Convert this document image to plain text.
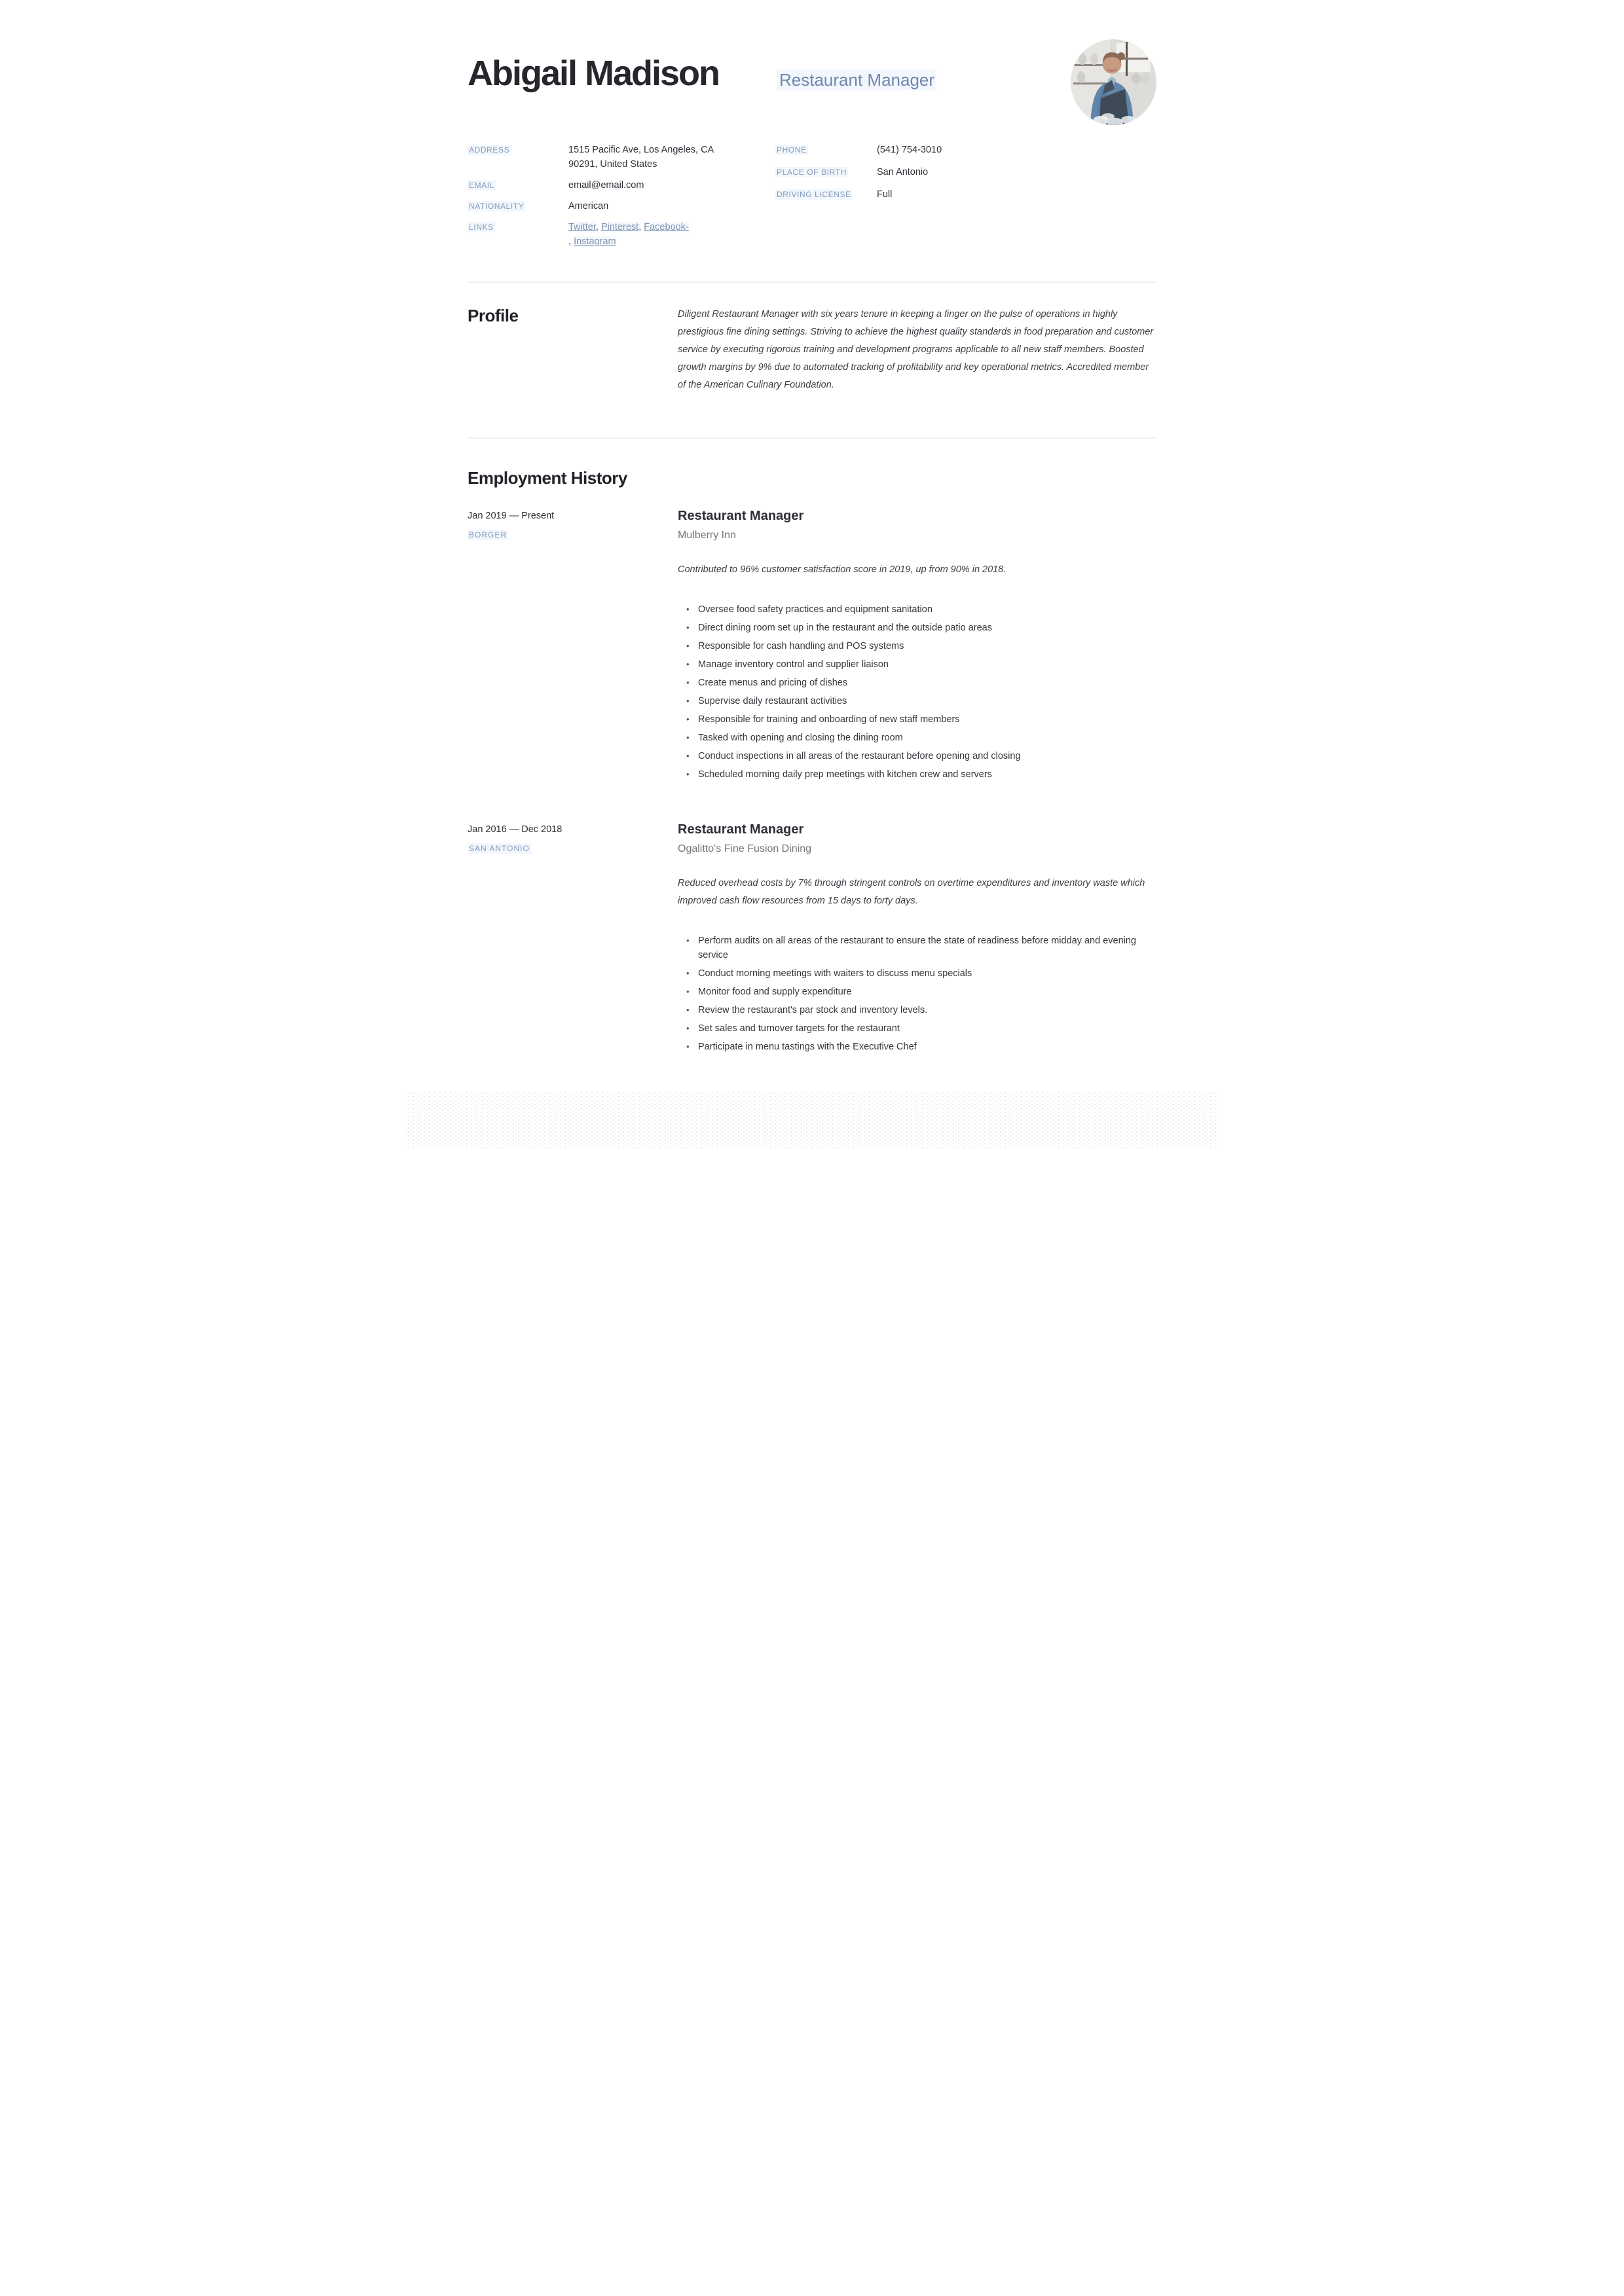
Abigail Madison	Restaurant Manager
ADDRESS	1515 Pacific Ave, Los Angeles, CA
90291, United States
EMAIL	email@email.com
NATIONALITY	American
LINKS	Twitter, Pinterest, Facebook-
, Instagram
PHONE	(541) 754-3010
PLACE OF BIRTH	San Antonio
DRIVING LICENSE	Full
Profile	Diligent Restaurant Manager with six years tenure in keeping a finger on the pulse of operations in highly prestigious fine dining settings. Striving to achieve the highest quality standards in food preparation and customer service by executing rigorous training and development programs applicable to all new staff members. Boosted growth margins by 9% due to automated tracking of profitability and key operational metrics. Accredited member of the American Culinary Foundation.

Employment History
Jan 2019 — Present
BORGER
Restaurant Manager
Mulberry Inn
Contributed to 96% customer satisfaction score in 2019, up from 90% in 2018.
• Oversee food safety practices and equipment sanitation
• Direct dining room set up in the restaurant and the outside patio areas
• Responsible for cash handling and POS systems
• Manage inventory control and supplier liaison
• Create menus and pricing of dishes
• Supervise daily restaurant activities
• Responsible for training and onboarding of new staff members
• Tasked with opening and closing the dining room
• Conduct inspections in all areas of the restaurant before opening and closing
• Scheduled morning daily prep meetings with kitchen crew and servers
Jan 2016 — Dec 2018
SAN ANTONIO
Restaurant Manager
Ogalitto's Fine Fusion Dining
Reduced overhead costs by 7% through stringent controls on overtime expenditures and inventory waste which improved cash flow resources from 15 days to forty days.
• Perform audits on all areas of the restaurant to ensure the state of readiness before midday and evening service
• Conduct morning meetings with waiters to discuss menu specials
• Monitor food and supply expenditure
• Review the restaurant's par stock and inventory levels.
• Set sales and turnover targets for the restaurant
• Participate in menu tastings with the Executive Chef
